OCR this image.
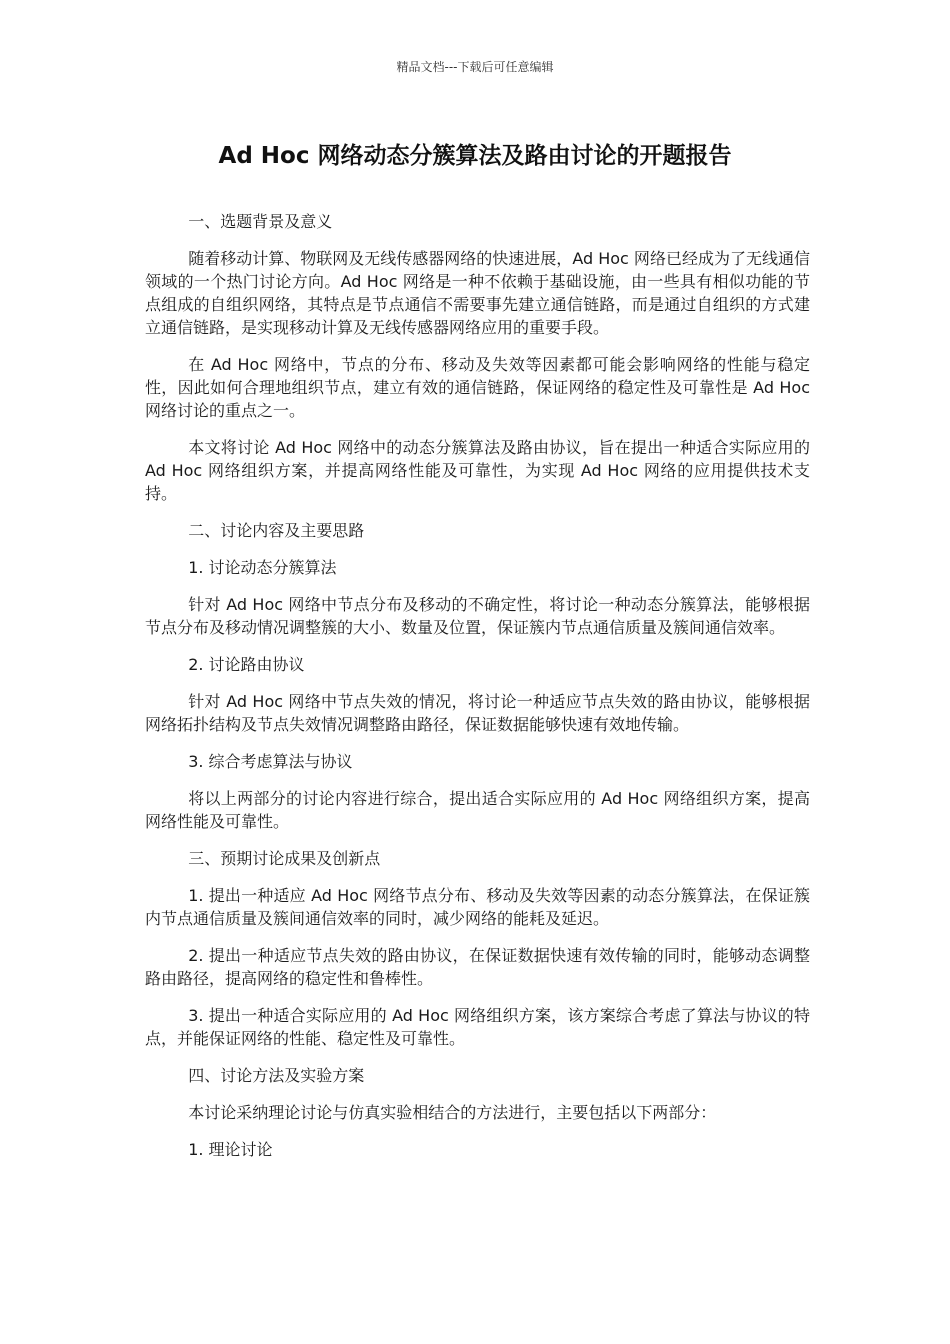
精品文档---下载后可任意编辑
Ad Hoc 网络动态分簇算法及路由讨论的开题报告

一、选题背景及意义

随着移动计算、物联网及无线传感器网络的快速进展，Ad Hoc 网络已经成为了无线通信领域的一个热门讨论方向。Ad Hoc 网络是一种不依赖于基础设施，由一些具有相似功能的节点组成的自组织网络，其特点是节点通信不需要事先建立通信链路，而是通过自组织的方式建立通信链路，是实现移动计算及无线传感器网络应用的重要手段。

在 Ad Hoc 网络中，节点的分布、移动及失效等因素都可能会影响网络的性能与稳定性，因此如何合理地组织节点，建立有效的通信链路，保证网络的稳定性及可靠性是 Ad Hoc 网络讨论的重点之一。

本文将讨论 Ad Hoc 网络中的动态分簇算法及路由协议，旨在提出一种适合实际应用的 Ad Hoc 网络组织方案，并提高网络性能及可靠性，为实现 Ad Hoc 网络的应用提供技术支持。

二、讨论内容及主要思路

1. 讨论动态分簇算法

针对 Ad Hoc 网络中节点分布及移动的不确定性，将讨论一种动态分簇算法，能够根据节点分布及移动情况调整簇的大小、数量及位置，保证簇内节点通信质量及簇间通信效率。

2. 讨论路由协议

针对 Ad Hoc 网络中节点失效的情况，将讨论一种适应节点失效的路由协议，能够根据网络拓扑结构及节点失效情况调整路由路径，保证数据能够快速有效地传输。

3. 综合考虑算法与协议

将以上两部分的讨论内容进行综合，提出适合实际应用的 Ad Hoc 网络组织方案，提高网络性能及可靠性。

三、预期讨论成果及创新点

1. 提出一种适应 Ad Hoc 网络节点分布、移动及失效等因素的动态分簇算法，在保证簇内节点通信质量及簇间通信效率的同时，减少网络的能耗及延迟。

2. 提出一种适应节点失效的路由协议，在保证数据快速有效传输的同时，能够动态调整路由路径，提高网络的稳定性和鲁棒性。

3. 提出一种适合实际应用的 Ad Hoc 网络组织方案，该方案综合考虑了算法与协议的特点，并能保证网络的性能、稳定性及可靠性。

四、讨论方法及实验方案

本讨论采纳理论讨论与仿真实验相结合的方法进行，主要包括以下两部分：

1. 理论讨论
